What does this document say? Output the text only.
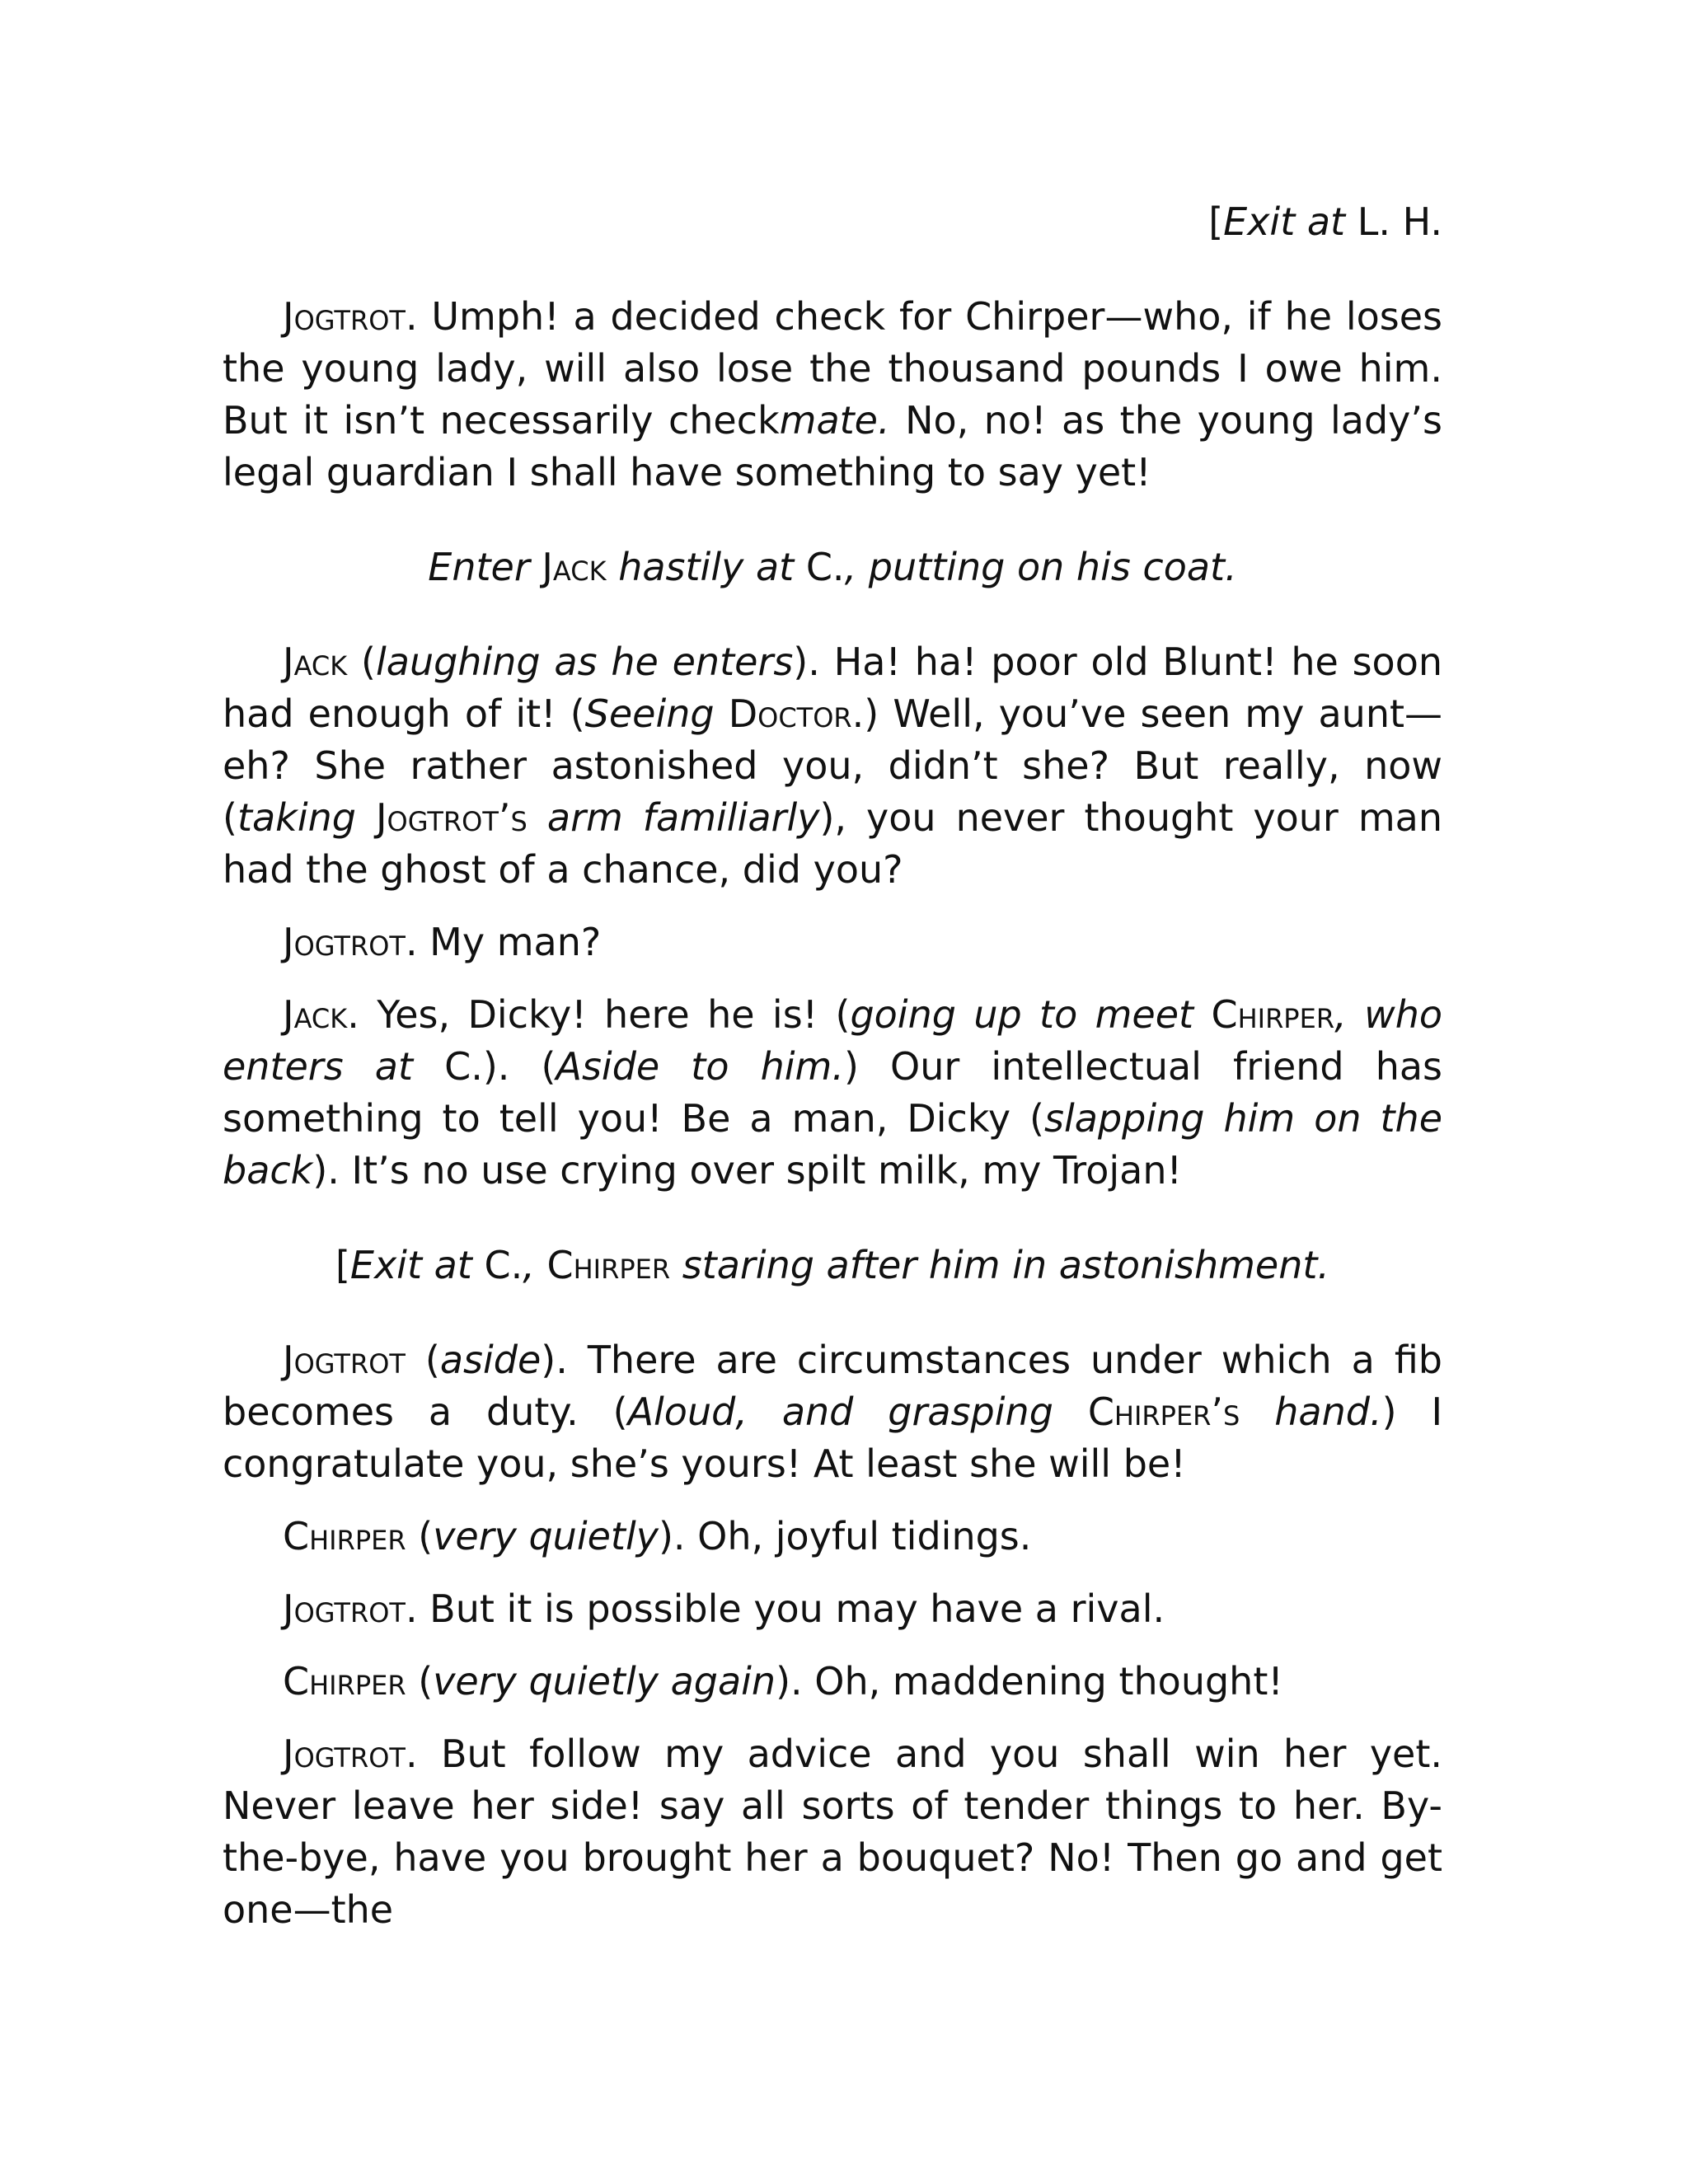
[Exit at L. H.

Jogtrot. Umph! a decided check for Chirper—who, if he loses the young lady, will also lose the thousand pounds I owe him. But it isn’t necessarily checkmate. No, no! as the young lady’s legal guardian I shall have something to say yet!

Enter Jack hastily at C., putting on his coat.

Jack (laughing as he enters). Ha! ha! poor old Blunt! he soon had enough of it! (Seeing Doctor.) Well, you’ve seen my aunt—eh? She rather astonished you, didn’t she? But really, now (taking Jogtrot’s arm familiarly), you never thought your man had the ghost of a chance, did you?

Jogtrot. My man?

Jack. Yes, Dicky! here he is! (going up to meet Chirper, who enters at C.). (Aside to him.) Our intellectual friend has something to tell you! Be a man, Dicky (slapping him on the back). It’s no use crying over spilt milk, my Trojan!

[Exit at C., Chirper staring after him in astonishment.

Jogtrot (aside). There are circumstances under which a fib becomes a duty. (Aloud, and grasping Chirper’s hand.) I congratulate you, she’s yours! At least she will be!

Chirper (very quietly). Oh, joyful tidings.

Jogtrot. But it is possible you may have a rival.

Chirper (very quietly again). Oh, maddening thought!

Jogtrot. But follow my advice and you shall win her yet. Never leave her side! say all sorts of tender things to her. By-the-bye, have you brought her a bouquet? No! Then go and get one—the
